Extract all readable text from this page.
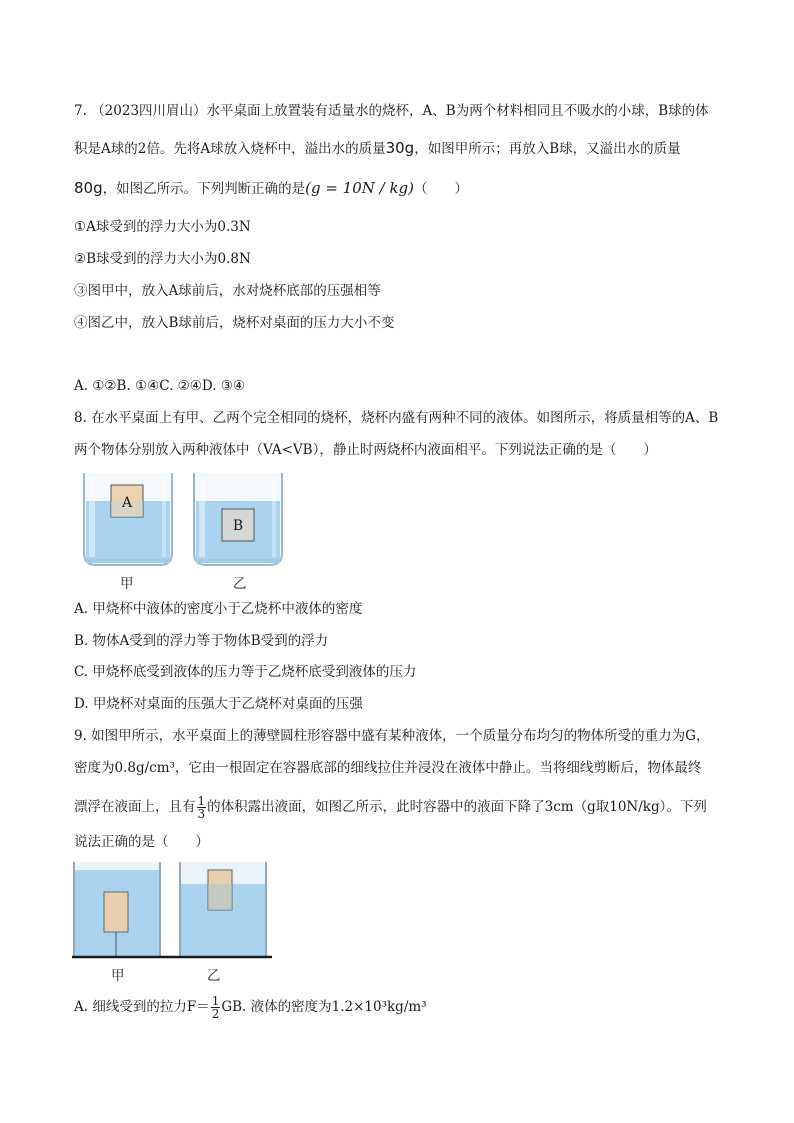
7. （2023四川眉山）水平桌面上放置装有适量水的烧杯，A、B为两个材料相同且不吸水的小球，B球的体
积是A球的2倍。先将A球放入烧杯中，溢出水的质量30g，如图甲所示；再放入B球，又溢出水的质量
80g，如图乙所示。下列判断正确的是(g = 10N / kg)（　　）
①A球受到的浮力大小为0.3N
②B球受到的浮力大小为0.8N
③图甲中，放入A球前后，水对烧杯底部的压强相等
④图乙中，放入B球前后，烧杯对桌面的压力大小不变
A. ①②B. ①④C. ②④D. ③④
8. 在水平桌面上有甲、乙两个完全相同的烧杯，烧杯内盛有两种不同的液体。如图所示，将质量相等的A、B
两个物体分别放入两种液体中（VA<VB），静止时两烧杯内液面相平。下列说法正确的是（　　）
A
B
甲	乙
A. 甲烧杯中液体的密度小于乙烧杯中液体的密度
B. 物体A受到的浮力等于物体B受到的浮力
C. 甲烧杯底受到液体的压力等于乙烧杯底受到液体的压力
D. 甲烧杯对桌面的压强大于乙烧杯对桌面的压强
9. 如图甲所示，水平桌面上的薄壁圆柱形容器中盛有某种液体，一个质量分布均匀的物体所受的重力为G，
密度为0.8g/cm³，它由一根固定在容器底部的细线拉住并浸没在液体中静止。当将细线剪断后，物体最终
漂浮在液面上，且有 $\frac{1}{3}$ 的体积露出液面，如图乙所示，此时容器中的液面下降了3cm（g取10N/kg）。下列
说法正确的是（　　）
甲	乙
A. 细线受到的拉力$F= \frac{1}{2}$ GB. 液体的密度为1.2×10³kg/m³
